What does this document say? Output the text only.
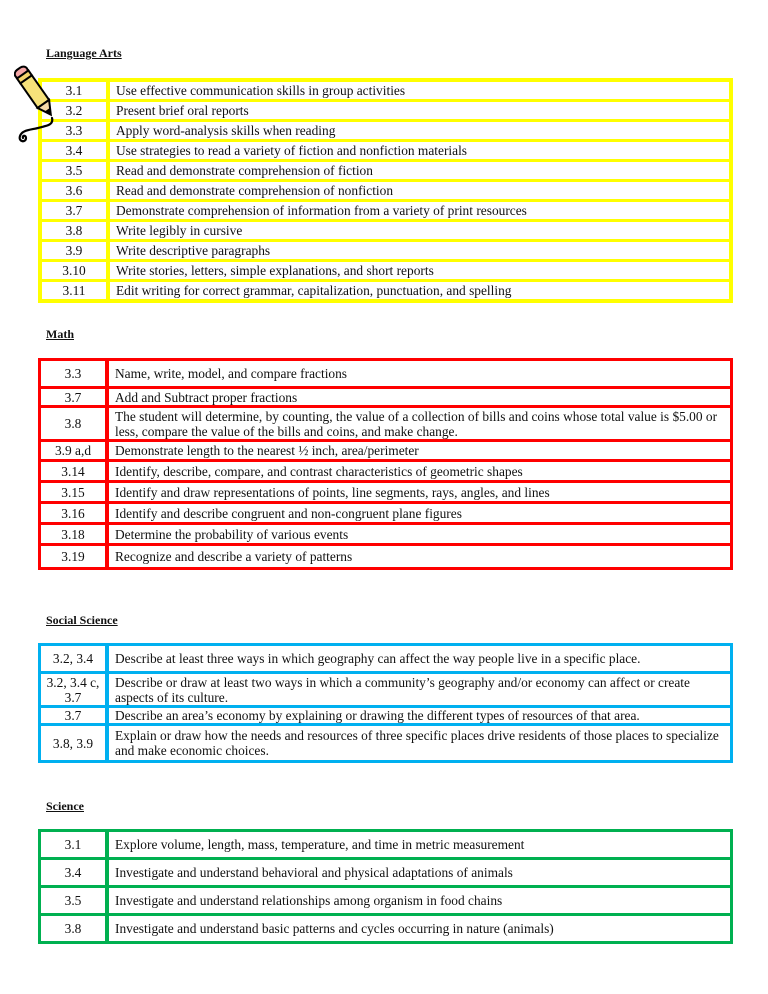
Language Arts
3.1	Use effective communication skills in group activities
3.2	Present brief oral reports
3.3	Apply word-analysis skills when reading
3.4	Use strategies to read a variety of fiction and nonfiction materials
3.5	Read and demonstrate comprehension of fiction
3.6	Read and demonstrate comprehension of nonfiction
3.7	Demonstrate comprehension of information from a variety of print resources
3.8	Write legibly in cursive
3.9	Write descriptive paragraphs
3.10	Write stories, letters, simple explanations, and short reports
3.11	Edit writing for correct grammar, capitalization, punctuation, and spelling
Math
3.3	Name, write, model, and compare fractions
3.7	Add and Subtract proper fractions
3.8	The student will determine, by counting, the value of a collection of bills and coins whose total value is $5.00 or less, compare the value of the bills and coins, and make change.
3.9 a,d	Demonstrate length to the nearest ½ inch, area/perimeter
3.14	Identify, describe, compare, and contrast characteristics of geometric shapes
3.15	Identify and draw representations of points, line segments, rays, angles, and lines
3.16	Identify and describe congruent and non-congruent plane figures
3.18	Determine the probability of various events
3.19	Recognize and describe a variety of patterns
Social Science
3.2, 3.4	Describe at least three ways in which geography can affect the way people live in a specific place.
3.2, 3.4 c, 3.7	Describe or draw at least two ways in which a community’s geography and/or economy can affect or create aspects of its culture.
3.7	Describe an area’s economy by explaining or drawing the different types of resources of that area.
3.8, 3.9	Explain or draw how the needs and resources of three specific places drive residents of those places to specialize and make economic choices.
Science
3.1	Explore volume, length, mass, temperature, and time in metric measurement
3.4	Investigate and understand behavioral and physical adaptations of animals
3.5	Investigate and understand relationships among organism in food chains
3.8	Investigate and understand basic patterns and cycles occurring in nature (animals)
